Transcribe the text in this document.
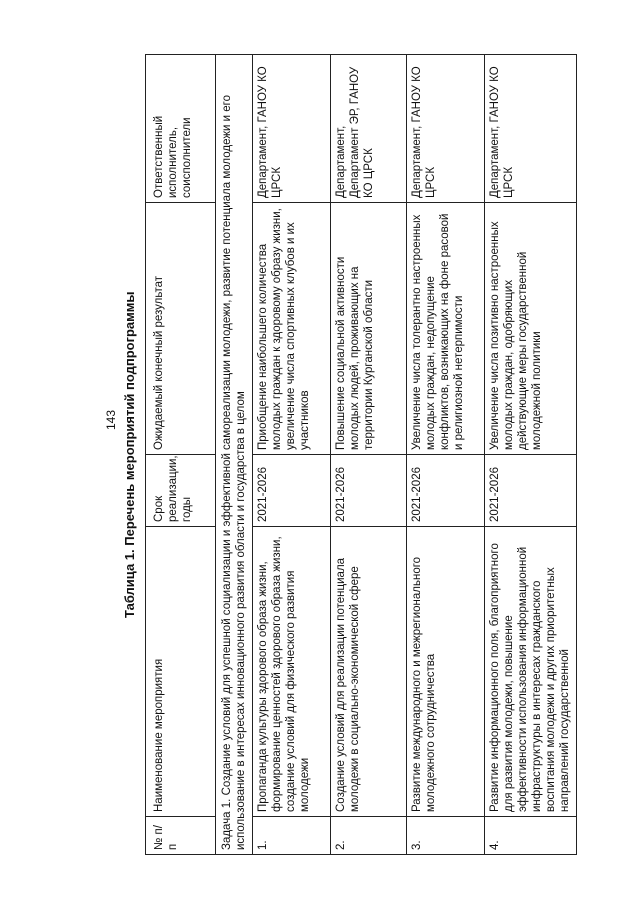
143 Таблица 1. Перечень мероприятий подпрограммы
№ п/п	Наименование мероприятия	Срок реализации, годы	Ожидаемый конечный результат	Ответственный исполнитель, соисполнители
Задача 1. Создание условий для успешной социализации и эффективной самореализации молодежи, развитие потенциала молодежи и его использование в интересах инновационного развития области и государства в целом				
1.	Пропаганда культуры здорового образа жизни, формирование ценностей здорового образа жизни, создание условий для физического развития молодежи	2021-2026	Приобщение наибольшего количества молодых граждан к здоровому образу жизни, увеличение числа спортивных клубов и их участников	Департамент, ГАНОУ КО ЦРСК
2.	Создание условий для реализации потенциала молодежи в социально-экономической сфере	2021-2026	Повышение социальной активности молодых людей, проживающих на территории Курганской области	Департамент, Департамент ЭР, ГАНОУ КО ЦРСК
3.	Развитие международного и межрегионального молодежного сотрудничества	2021-2026	Увеличение числа толерантно настроенных молодых граждан, недопущение конфликтов, возникающих на фоне расовой и религиозной нетерпимости	Департамент, ГАНОУ КО ЦРСК
4.	Развитие информационного поля, благоприятного для развития молодежи, повышение эффективности использования информационной инфраструктуры в интересах гражданского воспитания молодежи и других приоритетных направлений государственной	2021-2026	Увеличение числа позитивно настроенных молодых граждан, одобряющих действующие меры государственной молодежной политики	Департамент, ГАНОУ КО ЦРСК
